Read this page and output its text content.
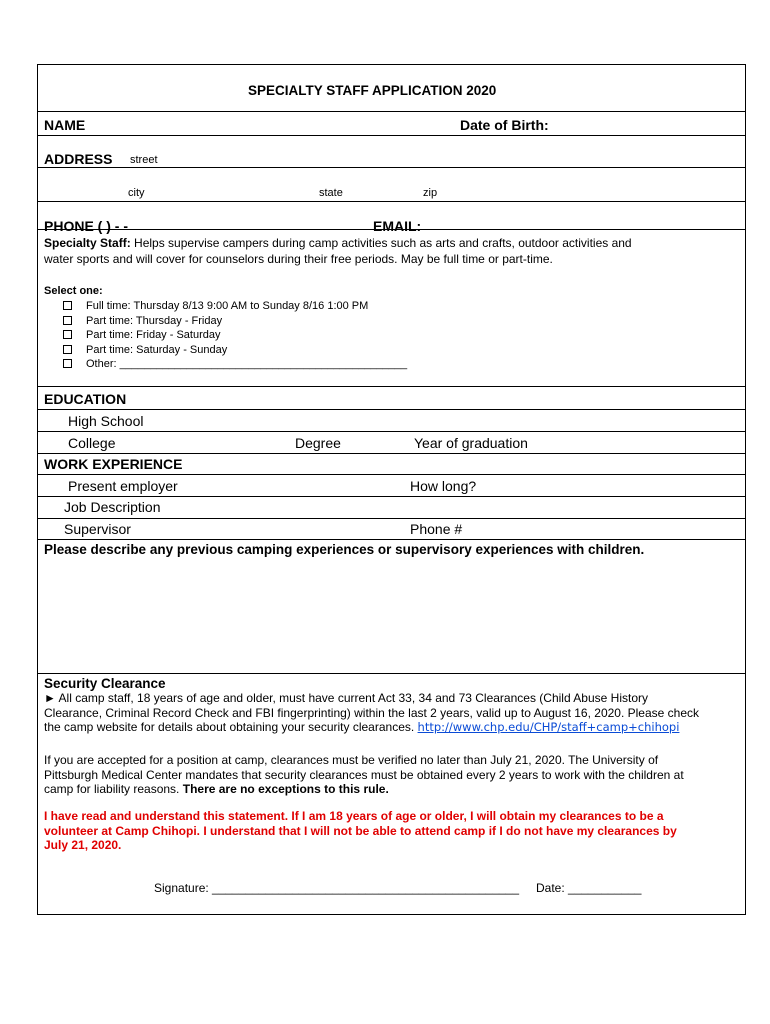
SPECIALTY STAFF APPLICATION 2020
NAME	Date of Birth:
ADDRESS street
city	state	zip
PHONE ( ) - -	EMAIL:
Specialty Staff: Helps supervise campers during camp activities such as arts and crafts, outdoor activities and
water sports and will cover for counselors during their free periods. May be full time or part-time.
Select one:
Full time: Thursday 8/13 9:00 AM to Sunday 8/16 1:00 PM
Part time: Thursday - Friday
Part time: Friday - Saturday
Part time: Saturday - Sunday
Other: _______________________________________________
EDUCATION
High School
College	Degree	Year of graduation
WORK EXPERIENCE
Present employer	How long?
Job Description
Supervisor	Phone #
Please describe any previous camping experiences or supervisory experiences with children.
Security Clearance
► All camp staff, 18 years of age and older, must have current Act 33, 34 and 73 Clearances (Child Abuse History
Clearance, Criminal Record Check and FBI fingerprinting) within the last 2 years, valid up to August 16, 2020. Please check
the camp website for details about obtaining your security clearances. http://www.chp.edu/CHP/staff+camp+chihopi
If you are accepted for a position at camp, clearances must be verified no later than July 21, 2020. The University of
Pittsburgh Medical Center mandates that security clearances must be obtained every 2 years to work with the children at
camp for liability reasons. There are no exceptions to this rule.
I have read and understand this statement. If I am 18 years of age or older, I will obtain my clearances to be a
volunteer at Camp Chihopi. I understand that I will not be able to attend camp if I do not have my clearances by
July 21, 2020.
Signature: ______________________________________________ Date: ___________
